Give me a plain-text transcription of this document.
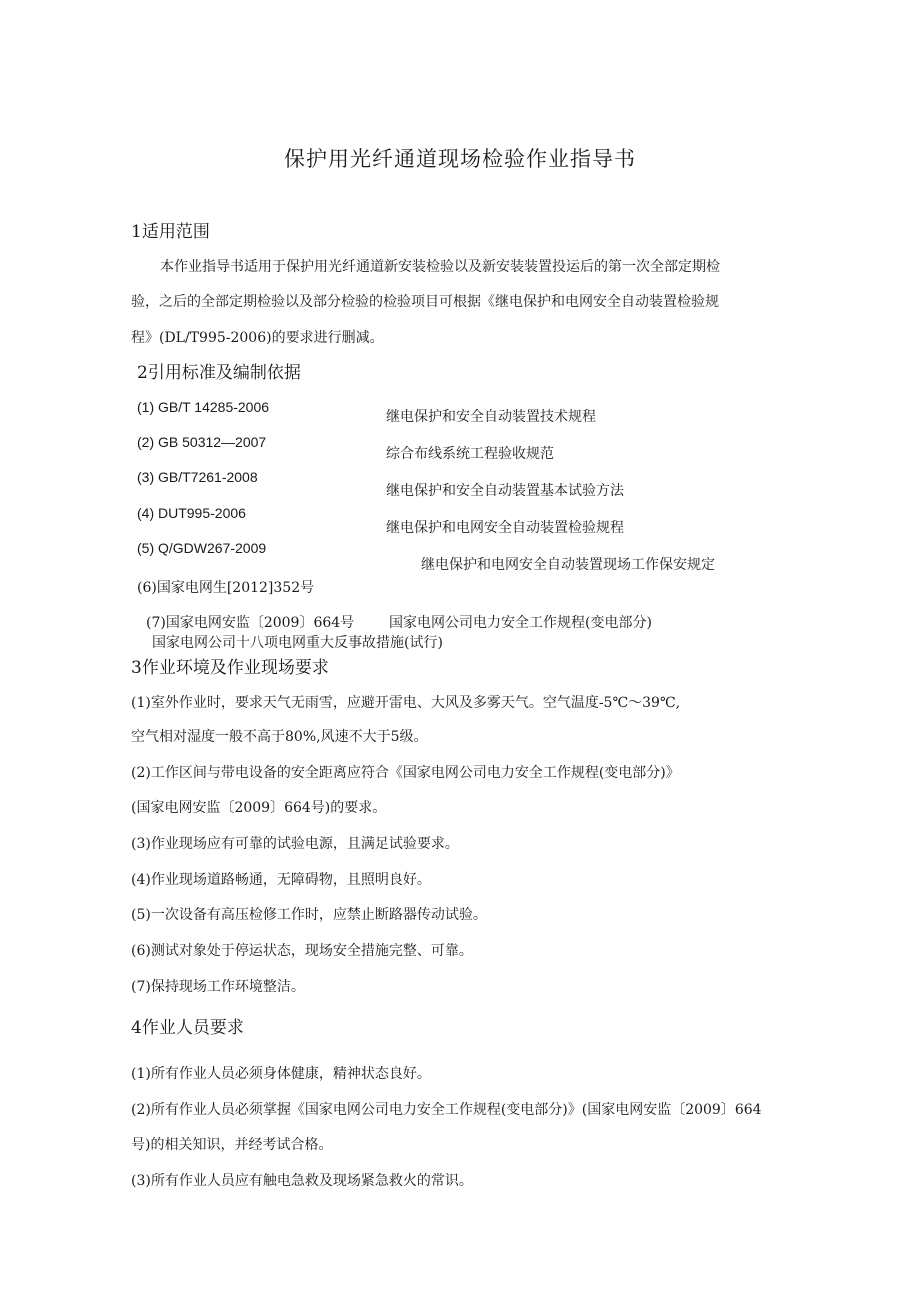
保护用光纤通道现场检验作业指导书
1适用范围
本作业指导书适用于保护用光纤通道新安装检验以及新安装装置投运后的第一次全部定期检
验，之后的全部定期检验以及部分检验的检验项目可根据《继电保护和电网安全自动装置检验规
程》(DL/T995-2006)的要求进行删减。
2引用标准及编制依据
(1) GB/T 14285-2006
继电保护和安全自动装置技术规程
(2) GB 50312—2007
综合布线系统工程验收规范
(3) GB/T7261-2008
继电保护和安全自动装置基本试验方法
(4) DUT995-2006
继电保护和电网安全自动装置检验规程
(5) Q/GDW267-2009
继电保护和电网安全自动装置现场工作保安规定
(6)国家电网生[2012]352号
(7)国家电网安监〔2009〕664号 国家电网公司电力安全工作规程(变电部分)
国家电网公司十八项电网重大反事故措施(试行)
3作业环境及作业现场要求
(1)室外作业时，要求天气无雨雪，应避开雷电、大风及多雾天气。空气温度-5℃～39℃,
空气相对湿度一般不高于80%,风速不大于5级。
(2)工作区间与带电设备的安全距离应符合《国家电网公司电力安全工作规程(变电部分)》
(国家电网安监〔2009〕664号)的要求。
(3)作业现场应有可靠的试验电源，且满足试验要求。
(4)作业现场道路畅通，无障碍物，且照明良好。
(5)一次设备有高压检修工作时，应禁止断路器传动试验。
(6)测试对象处于停运状态，现场安全措施完整、可靠。
(7)保持现场工作环境整洁。
4作业人员要求
(1)所有作业人员必须身体健康，精神状态良好。
(2)所有作业人员必须掌握《国家电网公司电力安全工作规程(变电部分)》(国家电网安监〔2009〕664
号)的相关知识，并经考试合格。
(3)所有作业人员应有触电急救及现场紧急救火的常识。
